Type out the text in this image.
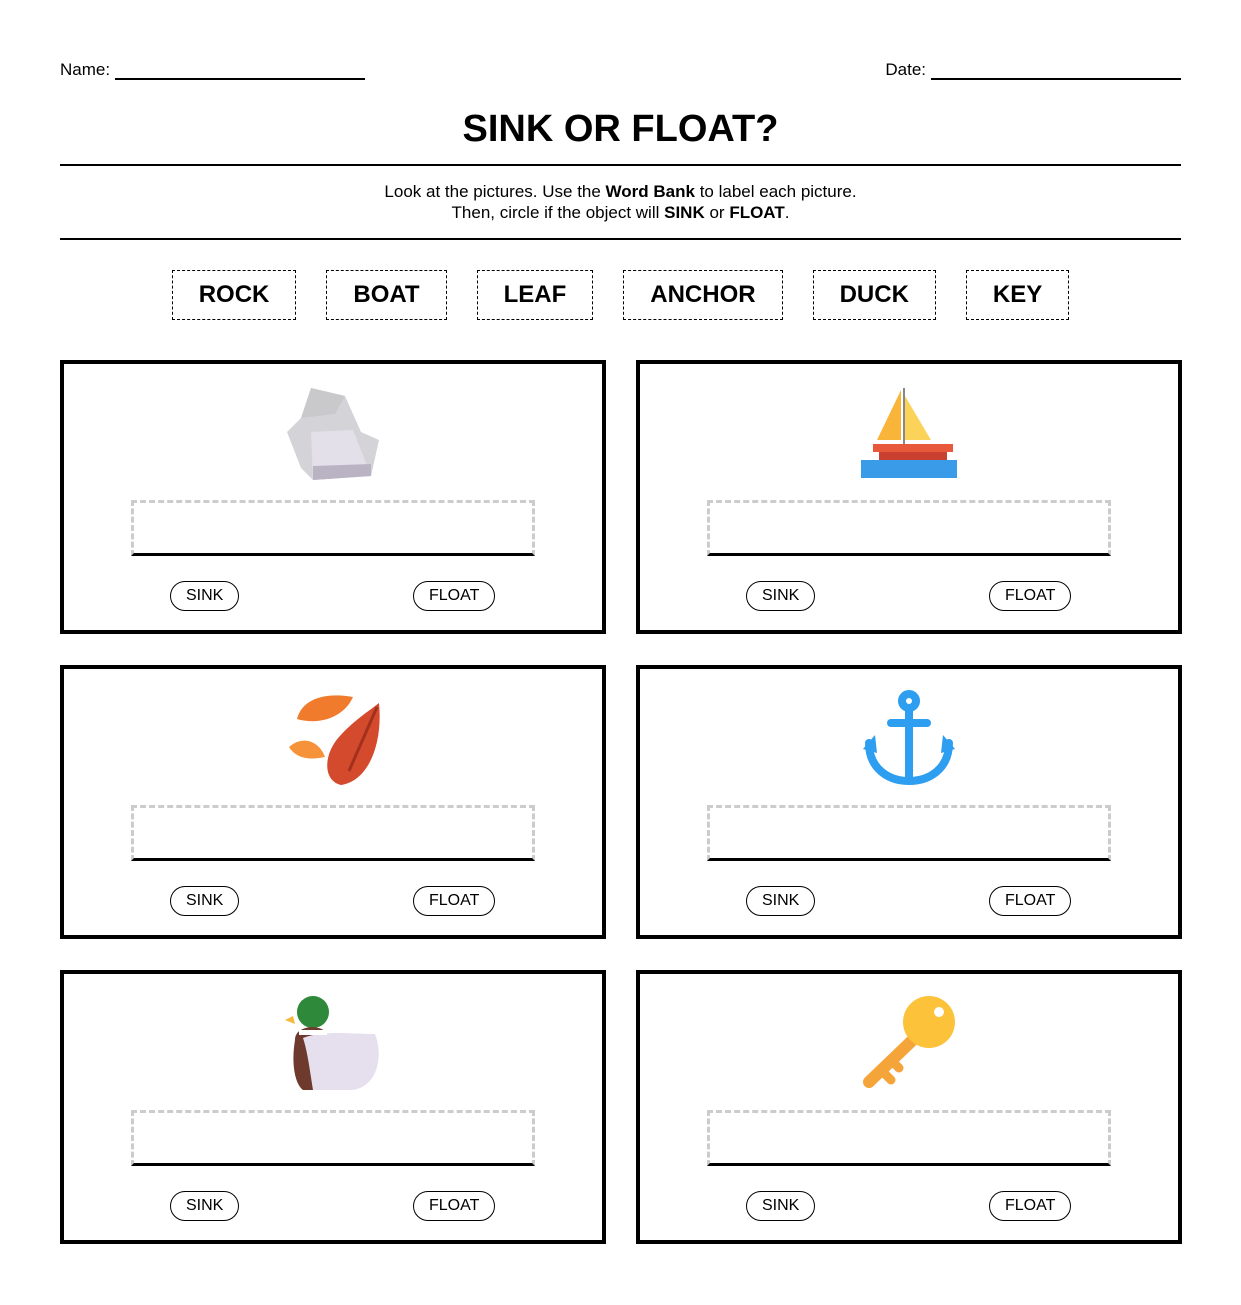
Name:	Date:
SINK OR FLOAT?
Look at the pictures. Use the Word Bank to label each picture.
Then, circle if the object will SINK or FLOAT.
ROCK	BOAT	LEAF	ANCHOR	DUCK	KEY
SINK	FLOAT	SINK	FLOAT
SINK	FLOAT	SINK	FLOAT
SINK	FLOAT	SINK	FLOAT
